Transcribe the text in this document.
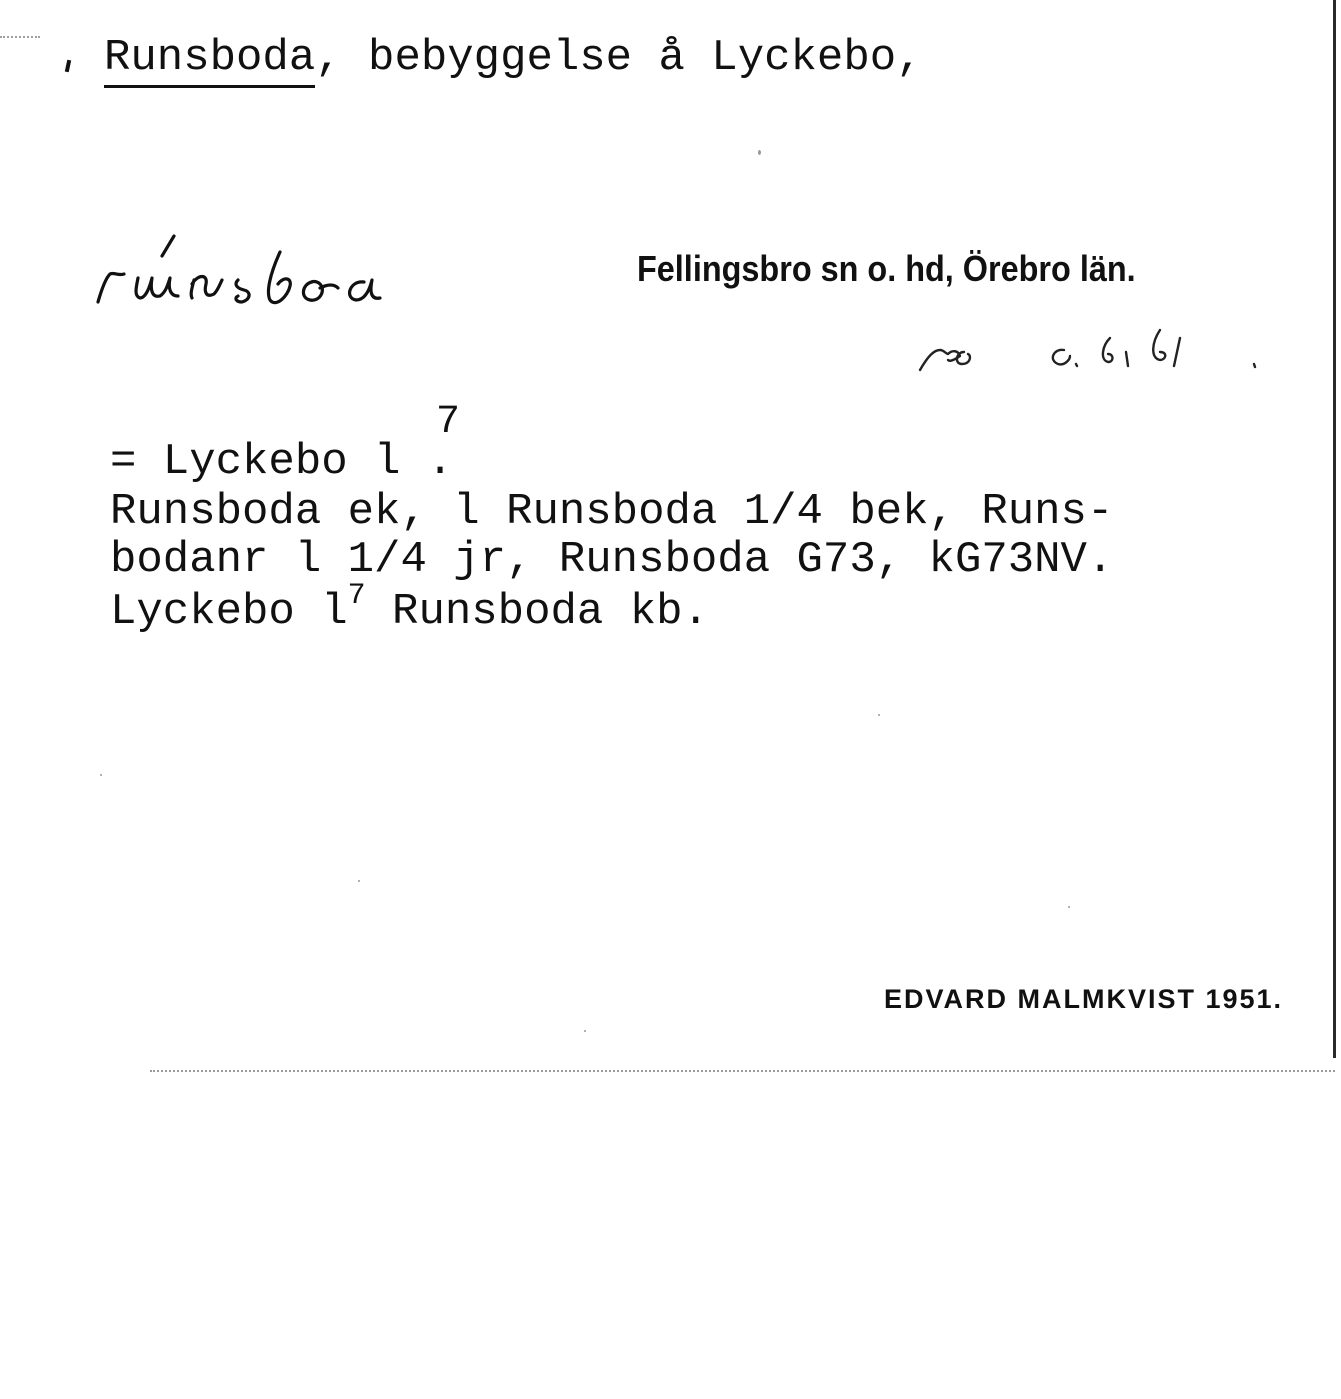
Runsboda, bebyggelse å Lyckebo,
Fellingsbro sn o. hd, Örebro län.
7
= Lyckebo l .
Runsboda ek, l Runsboda 1/4 bek, Runs-
bodanr l 1/4 jr, Runsboda G73, kG73NV.
Lyckebo $l^7$ Runsboda kb.
EDVARD MALMKVIST 1951.
